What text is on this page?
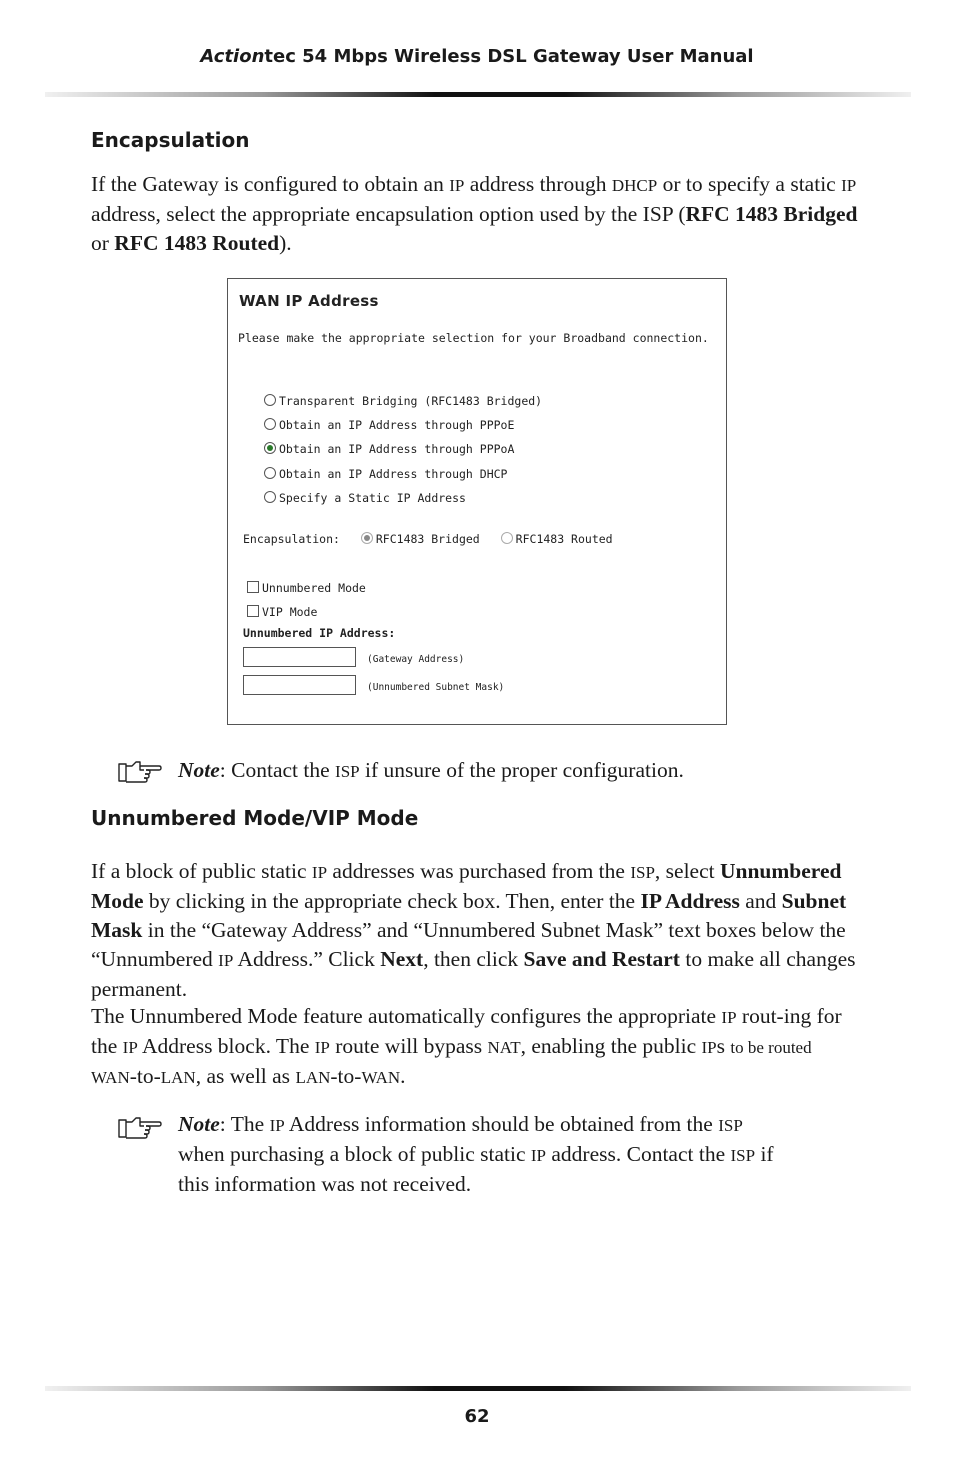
Actiontec 54 Mbps Wireless DSL Gateway User Manual
Encapsulation
If the Gateway is configured to obtain an IP address through DHCP or to specify a static IP address, select the appropriate encapsulation option used by the ISP (RFC 1483 Bridged or RFC 1483 Routed).
WAN IP Address
Please make the appropriate selection for your Broadband connection.
Transparent Bridging (RFC1483 Bridged)
Obtain an IP Address through PPPoE
Obtain an IP Address through PPPoA
Obtain an IP Address through DHCP
Specify a Static IP Address
Encapsulation:	RFC1483 Bridged	RFC1483 Routed
Unnumbered Mode
VIP Mode
Unnumbered IP Address:
(Gateway Address)
(Unnumbered Subnet Mask)
Note: Contact the ISP if unsure of the proper configuration.
Unnumbered Mode/VIP Mode
If a block of public static IP addresses was purchased from the ISP, select Unnumbered Mode by clicking in the appropriate check box. Then, enter the IP Address and Subnet Mask in the “Gateway Address” and “Unnumbered Subnet Mask” text boxes below the “Unnumbered IP Address.” Click Next, then click Save and Restart to make all changes permanent.
The Unnumbered Mode feature automatically configures the appropriate IP rout-ing for the IP Address block. The IP route will bypass NAT, enabling the public IPs to be routed WAN-to-LAN, as well as LAN-to-WAN.
Note: The IP Address information should be obtained from the ISP when purchasing a block of public static IP address. Contact the ISP if this information was not received.
62
